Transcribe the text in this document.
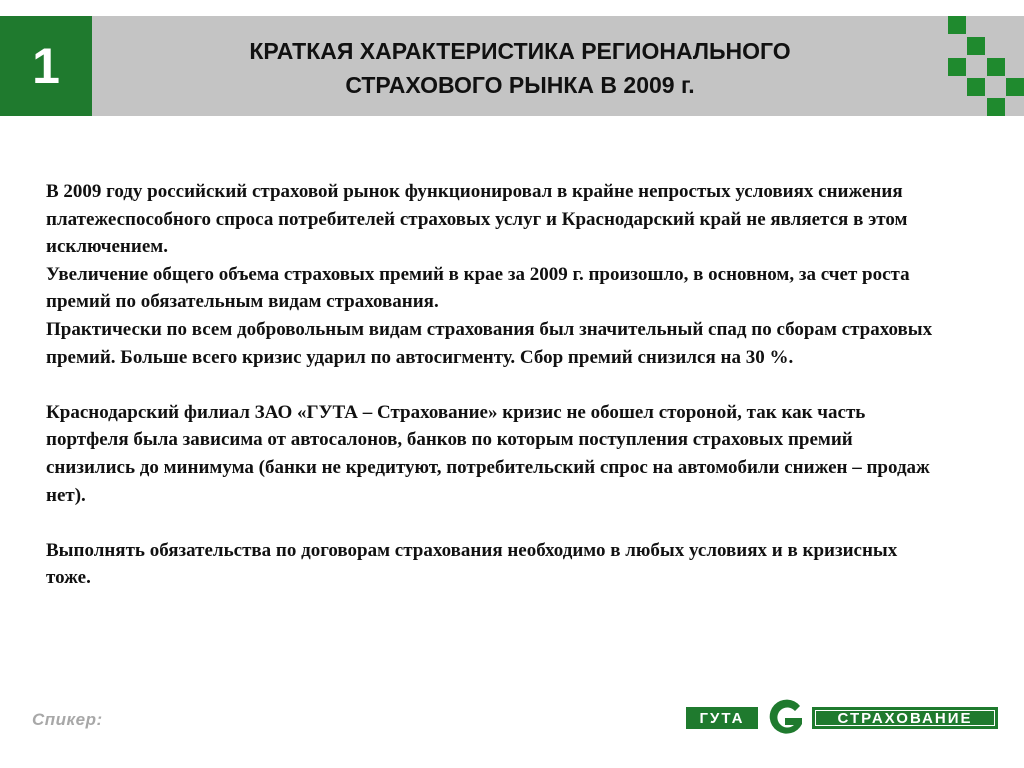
1	КРАТКАЯ ХАРАКТЕРИСТИКА РЕГИОНАЛЬНОГО
СТРАХОВОГО РЫНКА В 2009 г.

В 2009 году российский страховой рынок функционировал в крайне непростых условиях снижения платежеспособного спроса потребителей страховых услуг и Краснодарский край не является в этом исключением.

Увеличение общего объема страховых премий в крае за 2009 г. произошло, в основном, за счет роста премий по обязательным видам страхования.

Практически по всем добровольным видам страхования был значительный спад по сборам страховых премий. Больше всего кризис ударил по автосигменту. Сбор премий снизился на 30 %.

Краснодарский филиал ЗАО «ГУТА – Страхование» кризис не обошел стороной, так как часть портфеля была зависима от автосалонов, банков по которым поступления страховых премий снизились до минимума (банки не кредитуют, потребительский спрос на автомобили снижен – продаж нет).

Выполнять обязательства по договорам страхования необходимо в любых условиях и в кризисных тоже.

Спикер:	ГУТА	СТРАХОВАНИЕ
